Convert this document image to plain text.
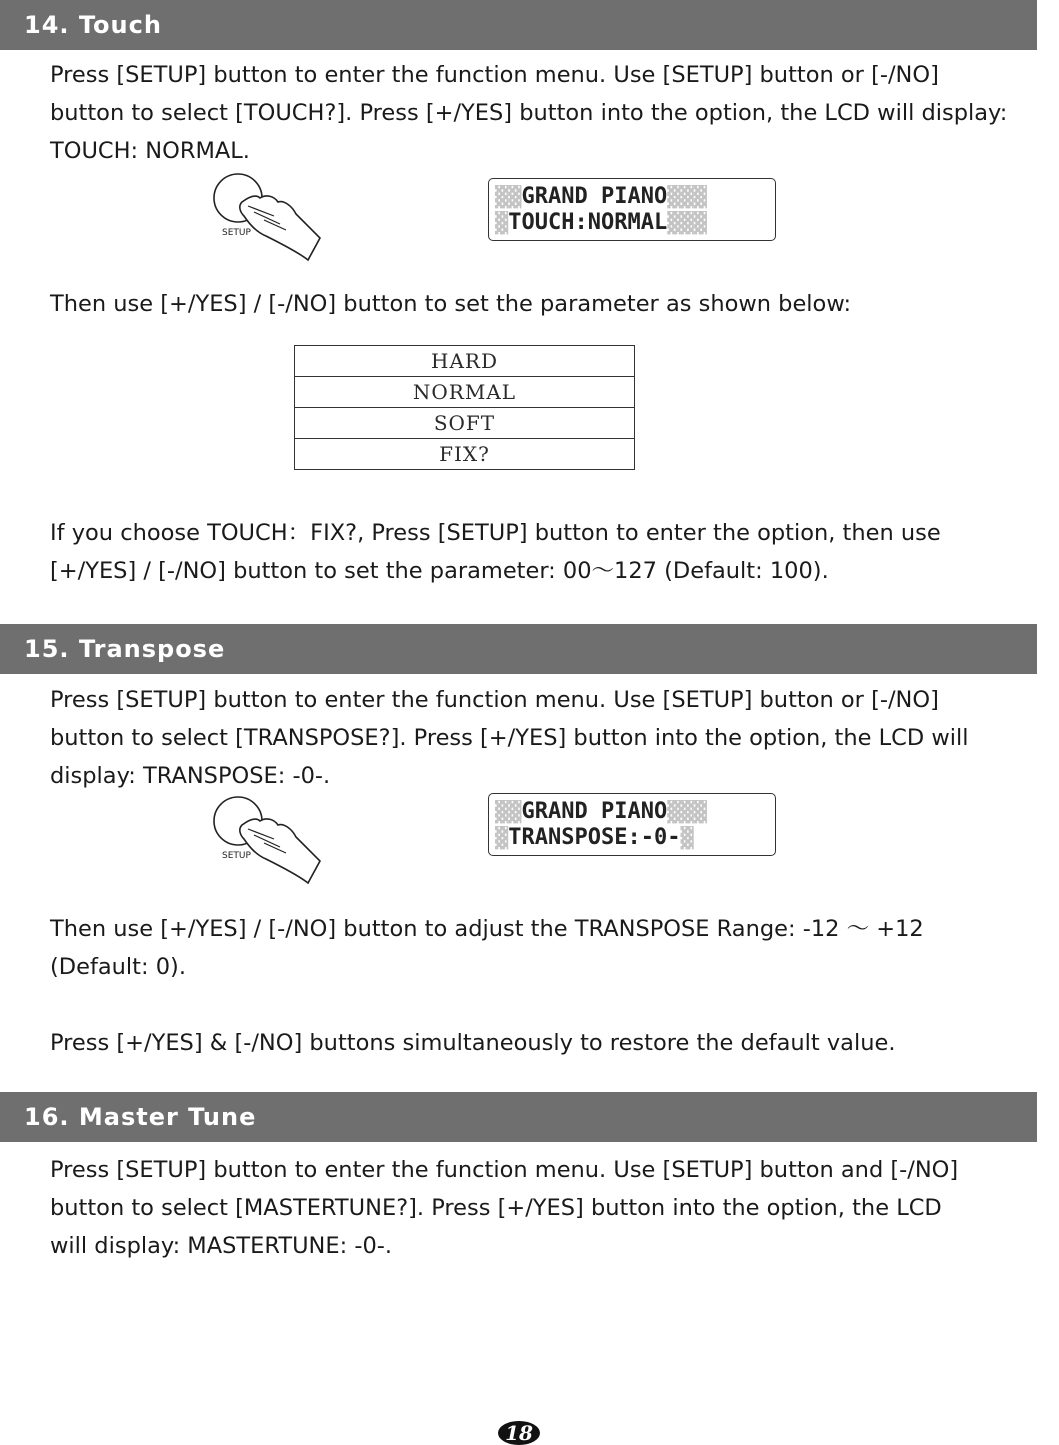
14. Touch
Press [SETUP] button to enter the function menu. Use [SETUP] button or [-/NO]
button to select [TOUCH?]. Press [+/YES] button into the option, the LCD will display:
TOUCH: NORMAL.
SETUP
▓▓GRAND PIANO▓▓▓
▓TOUCH:NORMAL▓▓▓
Then use [+/YES] / [-/NO] button to set the parameter as shown below:
HARD
NORMAL
SOFT
FIX?
If you choose TOUCH：FIX?, Press [SETUP] button to enter the option, then use
[+/YES] / [-/NO] button to set the parameter: 00～127 (Default: 100).
15. Transpose
Press [SETUP] button to enter the function menu. Use [SETUP] button or [-/NO]
button to select [TRANSPOSE?]. Press [+/YES] button into the option, the LCD will
display: TRANSPOSE: -0-.
SETUP
▓▓GRAND PIANO▓▓▓
▓TRANSPOSE:-0-▓
Then use [+/YES] / [-/NO] button to adjust the TRANSPOSE Range: -12 ～ +12
(Default: 0).
Press [+/YES] & [-/NO] buttons simultaneously to restore the default value.
16. Master Tune
Press [SETUP] button to enter the function menu. Use [SETUP] button and [-/NO]
button to select [MASTERTUNE?]. Press [+/YES] button into the option, the LCD
will display: MASTERTUNE: -0-.
18
